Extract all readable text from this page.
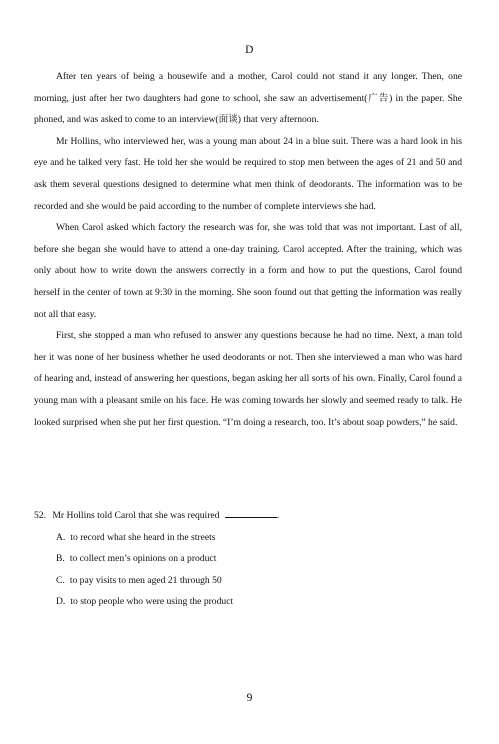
D

After ten years of being a housewife and a mother, Carol could not stand it any longer. Then, one morning, just after her two daughters had gone to school, she saw an advertisement(广告) in the paper. She phoned, and was asked to come to an interview(面谈) that very afternoon.

Mr Hollins, who interviewed her, was a young man about 24 in a blue suit. There was a hard look in his eye and he talked very fast. He told her she would be required to stop men between the ages of 21 and 50 and ask them several questions designed to determine what men think of deodorants. The information was to be recorded and she would be paid according to the number of complete interviews she had.

When Carol asked which factory the research was for, she was told that was not important. Last of all, before she began she would have to attend a one-day training. Carol accepted. After the training, which was only about how to write down the answers correctly in a form and how to put the questions, Carol found herself in the center of town at 9:30 in the morning. She soon found out that getting the information was really not all that easy.

First, she stopped a man who refused to answer any questions because he had no time. Next, a man told her it was none of her business whether he used deodorants or not. Then she interviewed a man who was hard of hearing and, instead of answering her questions, began asking her all sorts of his own. Finally, Carol found a young man with a pleasant smile on his face. He was coming towards her slowly and seemed ready to talk. He looked surprised when she put her first question. “I’m doing a research, too. It’s about soap powders,” he said.

52. Mr Hollins told Carol that she was required	.

A. to record what she heard in the streets
B. to collect men’s opinions on a product
C. to pay visits to men aged 21 through 50
D. to stop people who were using the product
9
